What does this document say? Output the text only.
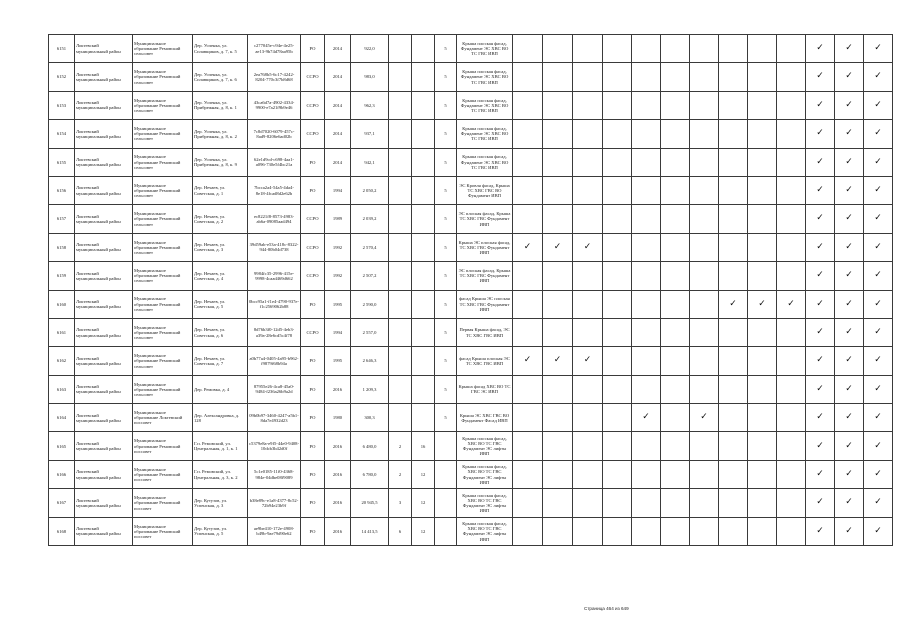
6151	Локтевский муниципальный район	Муниципальное образование Ремовский сельсовет	Дер. Успенка, ул. Сплавщиков, д. 7, к. 5	c277045e-c94e-4e25-ae13-9b74d78aa95b	РО	2014	922,0			5	Крыша плоская фасад, Фундамент ЭС ХВС ВО ТС ГВС ИВП											✓	✓	✓
6152	Локтевский муниципальный район	Муниципальное образование Ремовский сельсовет	Дер. Успенка, ул. Сплавщиков, д. 7, к. 6	2ea768b5-6c17-4242-8204-770c3f7b8d68	ССРО	2014	983,0			5	Крыша плоская фасад, Фундамент ЭС ХВС ВО ТС ГВС ИВП											✓	✓	✓
6153	Локтевский муниципальный район	Муниципальное образование Ремовский сельсовет	Дер. Успенка, ул. Прибрежная, д. 8, к. 1	43ca6d7a-4902-4334-9900-e7a21f9b9e46	ССРО	2014	962,3			5	Крыша плоская фасад, Фундамент ЭС ХВС ВО ТС ГВС ИВП											✓	✓	✓
6154	Локтевский муниципальный район	Муниципальное образование Ремовский сельсовет	Дер. Успенка, ул. Прибрежная, д. 8, к. 2	7c8d7020-6079-457c-8ad9-8206e6ad02b	ССРО	2014	937,1			5	Крыша плоская фасад, Фундамент ЭС ХВС ВО ТС ГВС ИВП											✓	✓	✓
6155	Локтевский муниципальный район	Муниципальное образование Ремовский сельсовет	Дер. Успенка, ул. Прибрежная, д. 8, к. 9	62e1d9cd-c698-4aa1-a096-730e5f4bc21a	РО	2014	942,1			5	Крыша плоская фасад, Фундамент ЭС ХВС ВО ТС ГВС ИВП											✓	✓	✓
6156	Локтевский муниципальный район	Муниципальное образование Ремовский сельсовет	Дер. Нечаев, ул. Советская, д. 1	7bcca2a4-54a5-4da4-8e18-4fcad8d2e62b	РО	1994	2 050,2			5	ЭС Кровля фасад, Крыша ТС ХВС ГВС ВО Фундамент ИВП											✓	✓	✓
6157	Локтевский муниципальный район	Муниципальное образование Ремовский сельсовет	Дер. Нечаев, ул. Советская, д. 2	ec8221f8-8573-4983-ab6a-09085aad494	ССРО	1989	2 039,2			5	ЭС плоская фасад, Крыша ТС ХВС ГВС Фундамент ИВП											✓	✓	✓
6158	Локтевский муниципальный район	Муниципальное образование Ремовский сельсовет	Дер. Нечаев, ул. Советская, д. 3	39d59ab-e53a-418c-8322-944-80b04d738	ССРО	1992	2 570,4			5	Крыша ЭС плоская фасад, ТС ХВС ГВС Фундамент ИВП	✓	✓	✓								✓	✓	✓
6159	Локтевский муниципальный район	Муниципальное образование Ремовский сельсовет	Дер. Нечаев, ул. Советская, д. 4	9984fc35-2996-415e-9998-4caad469d662	ССРО	1992	2 507,2			5	ЭС плоская фасад, Крыша ТС ХВС ГВС Фундамент ИВП											✓	✓	✓
6160	Локтевский муниципальный район	Муниципальное образование Ремовский сельсовет	Дер. Нечаев, ул. Советская, д. 5	0bcc95a1-f1e4-4790-937e-f1c2569062b88	РО	1995	2 590,0			5	фасад Крыша ЭС плоская ТС ХВС ГВС Фундамент ИВП								✓	✓	✓	✓	✓	✓
6161	Локтевский муниципальный район	Муниципальное образование Ремовский сельсовет	Дер. Нечаев, ул. Советская, д. 6	8d76b3f0-12d5-4eb3-a39a-28e6cd5c4f78	ССРО	1994	2 557,0			5	Первая Крыша фасад, ЭС ТС ХВС ГВС ИВП											✓	✓	✓
6162	Локтевский муниципальный район	Муниципальное образование Ремовский сельсовет	Дер. Нечаев, ул. Советская, д. 7	a0b77a4-0405-4a95-b962-f9879f68b94a	РО	1995	2 646,3			5	фасад Крыша плоская ЭС ТС ХВС ГВС ИВП	✓	✓	✓								✓	✓	✓
6163	Локтевский муниципальный район	Муниципальное образование Ремовский сельсовет	Дер. Ремовка, д. 4	87955e26-4ca8-45a0-9484-f236a26b9a2d	РО	2016	1 209,3			5	Крыша фасад ХВС ВО ТС ГВС ЭС ИВП											✓	✓	✓
6164	Локтевский муниципальный район	Муниципальное образование Локтевский поссовет	Дер. Александровка, д. 128	09b0b97-3460-4247-a5b1-8da7e4932d23	РО	1980	300,3			5	Крыша ЭС ХВС ГВС ВО Фундамент Фасад ИВП					✓		✓				✓	✓	✓
6165	Локтевский муниципальный район	Муниципальное образование Ремовский поссовет	Г.п. Ремовский, ул. Центральная, д. 1, к. 1	c5379e8a-e9f5-44e0-9408-10dcb3b42d0f	РО	2016	6 480,0	2	16		Крыша плоская фасад, ХВС ВО ТС ГВС Фундамент ЭС лифты ИВП											✓	✓	✓
6166	Локтевский муниципальный район	Муниципальное образование Ремовский поссовет	Г.п. Ремовский, ул. Центральная, д. 3, к. 2	5c1e0185-11f0-4368-984e-04dbe08f9089	РО	2016	6 780,0	2	12		Крыша плоская фасад, ХВС ВО ТС ГВС Фундамент ЭС лифты ИВП											✓	✓	✓
6167	Локтевский муниципальный район	Муниципальное образование Ремовский поссовет	Дер. Кутузов, ул. Успенская, д. 3	b38e89c-e1a8-4377-8c52-72b94e23b9f	РО	2016	20 945,5	3	12		Крыша плоская фасад, ХВС ВО ТС ГВС Фундамент ЭС лифты ИВП											✓	✓	✓
6168	Локтевский муниципальный район	Муниципальное образование Ремовский поссовет	Дер. Кутузов, ул. Успенская, д. 5	ae9be410-172e-4908-b49b-9ae79d90e62	РО	2016	14 413,5	6	12		Крыша плоская фасад, ХВС ВО ТС ГВС Фундамент ЭС лифты ИВП											✓	✓	✓
Страница 464 из 649
